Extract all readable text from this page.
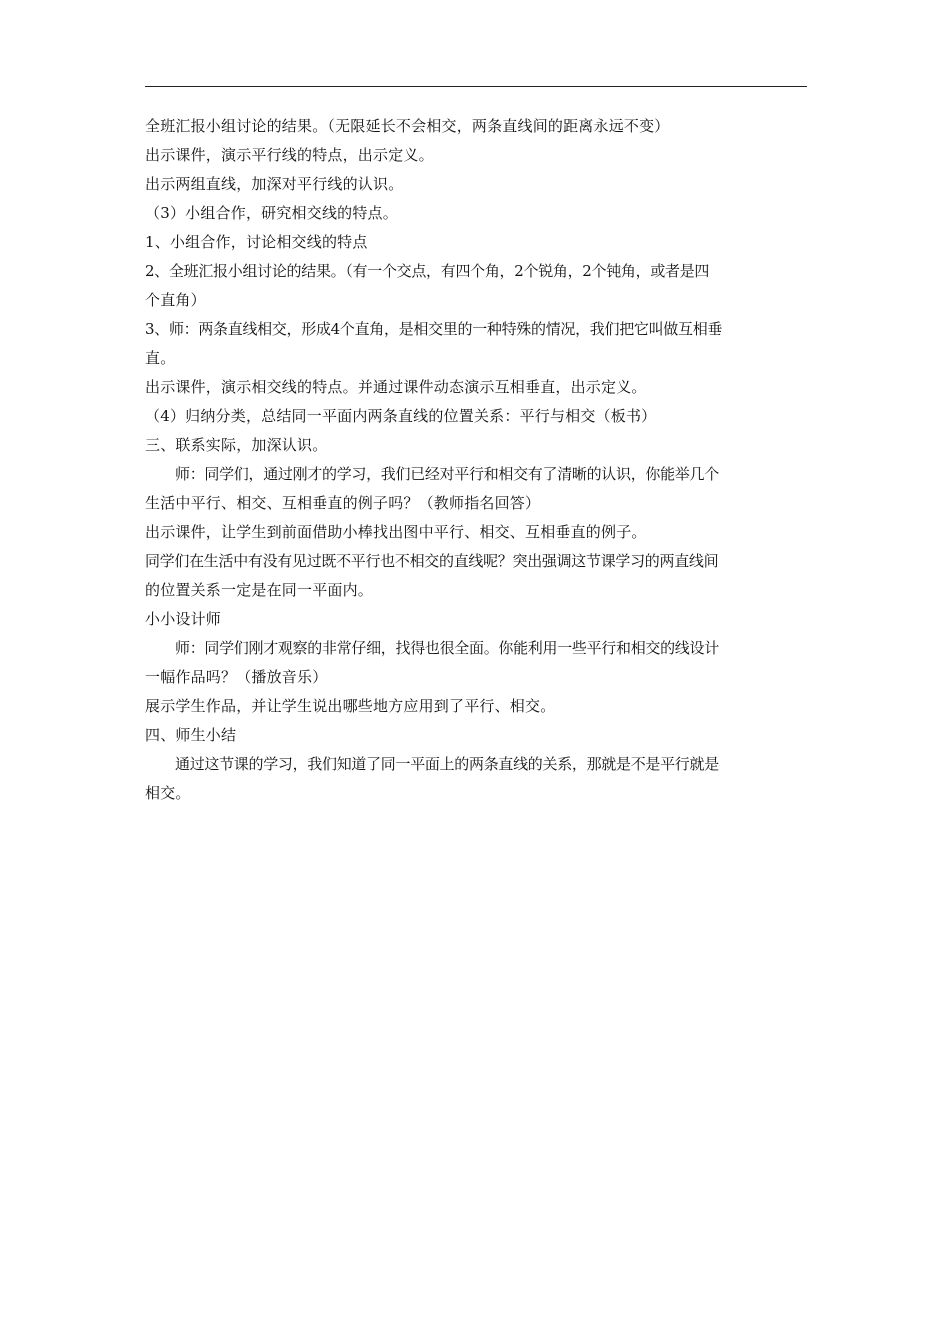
全班汇报小组讨论的结果。（无限延长不会相交，两条直线间的距离永远不变）
出示课件，演示平行线的特点，出示定义。
出示两组直线，加深对平行线的认识。
（3）小组合作，研究相交线的特点。
1、小组合作，讨论相交线的特点
2、全班汇报小组讨论的结果。（有一个交点，有四个角，2个锐角，2个钝角，或者是四
个直角）
3、师：两条直线相交，形成4个直角，是相交里的一种特殊的情况，我们把它叫做互相垂
直。
出示课件，演示相交线的特点。并通过课件动态演示互相垂直，出示定义。
（4）归纳分类，总结同一平面内两条直线的位置关系：平行与相交（板书）
三、联系实际，加深认识。
师：同学们，通过刚才的学习，我们已经对平行和相交有了清晰的认识，你能举几个
生活中平行、相交、互相垂直的例子吗？（教师指名回答）
出示课件，让学生到前面借助小棒找出图中平行、相交、互相垂直的例子。
同学们在生活中有没有见过既不平行也不相交的直线呢？突出强调这节课学习的两直线间
的位置关系一定是在同一平面内。
小小设计师
师：同学们刚才观察的非常仔细，找得也很全面。你能利用一些平行和相交的线设计
一幅作品吗？（播放音乐）
展示学生作品，并让学生说出哪些地方应用到了平行、相交。
四、师生小结
通过这节课的学习，我们知道了同一平面上的两条直线的关系，那就是不是平行就是
相交。
